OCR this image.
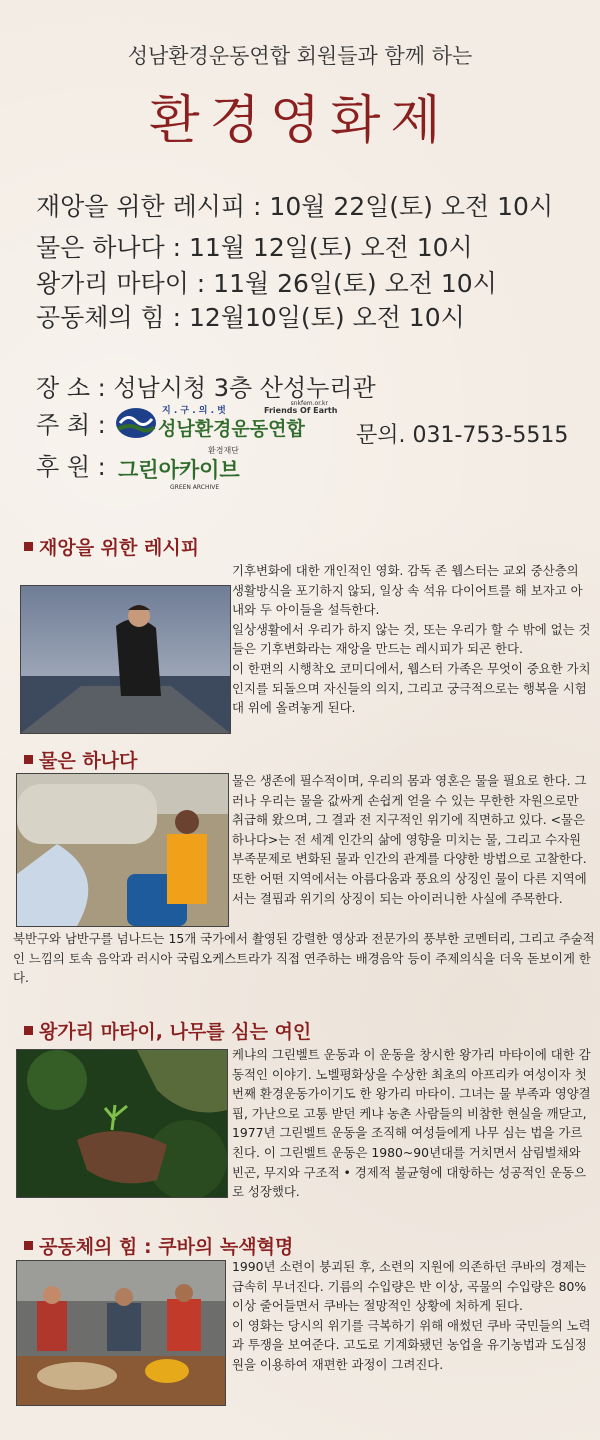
성남환경운동연합 회원들과 함께 하는
환경영화제
재앙을 위한 레시피 : 10월 22일(토) 오전 10시
물은 하나다 : 11월 12일(토) 오전 10시
왕가리 마타이 : 11월 26일(토) 오전 10시
공동체의 힘 : 12월10일(토) 오전 10시
장 소 : 성남시청 3층 산성누리관
주 최 :
후 원 :
snkfem.or.kr
지 . 구 . 의 . 벗	Friends Of Earth
성남환경운동연합
환경재단
그린아카이브
GREEN ARCHIVE
문의. 031-753-5515
재앙을 위한 레시피

기후변화에 대한 개인적인 영화. 감독 존 웹스터는 교외 중산층의 생활방식을 포기하지 않되, 일상 속 석유 다이어트를 해 보자고 아내와 두 아이들을 설득한다.

일상생활에서 우리가 하지 않는 것, 또는 우리가 할 수 밖에 없는 것들은 기후변화라는 재앙을 만드는 레시피가 되곤 한다.

이 한편의 시행착오 코미디에서, 웹스터 가족은 무엇이 중요한 가치인지를 되돌으며 자신들의 의지, 그리고 궁극적으로는 행복을 시험대 위에 올려놓게 된다.

물은 하나다

물은 생존에 필수적이며, 우리의 몸과 영혼은 물을 필요로 한다. 그러나 우리는 물을 값싸게 손쉽게 얻을 수 있는 무한한 자원으로만 취급해 왔으며, 그 결과 전 지구적인 위기에 직면하고 있다. <물은 하나다>는 전 세계 인간의 삶에 영향을 미치는 물, 그리고 수자원 부족문제로 변화된 물과 인간의 관계를 다양한 방법으로 고찰한다. 또한 어떤 지역에서는 아름다움과 풍요의 상징인 물이 다른 지역에서는 결핍과 위기의 상징이 되는 아이러니한 사실에 주목한다.

북반구와 남반구를 넘나드는 15개 국가에서 촬영된 강렬한 영상과 전문가의 풍부한 코멘터리, 그리고 주술적인 느낌의 토속 음악과 러시아 국립오케스트라가 직접 연주하는 배경음악 등이 주제의식을 더욱 돋보이게 한다.

왕가리 마타이, 나무를 심는 여인

케냐의 그린벨트 운동과 이 운동을 창시한 왕가리 마타이에 대한 감동적인 이야기. 노벨평화상을 수상한 최초의 아프리카 여성이자 첫 번째 환경운동가이기도 한 왕가리 마타이. 그녀는 물 부족과 영양결핍, 가난으로 고통 받던 케냐 농촌 사람들의 비참한 현실을 깨닫고, 1977년 그린벨트 운동을 조직해 여성들에게 나무 심는 법을 가르친다. 이 그린벨트 운동은 1980~90년대를 거치면서 삼림벌채와 빈곤, 무지와 구조적 • 경제적 불균형에 대항하는 성공적인 운동으로 성장했다.

공동체의 힘 : 쿠바의 녹색혁명

1990년 소련이 붕괴된 후, 소련의 지원에 의존하던 쿠바의 경제는 급속히 무너진다. 기름의 수입량은 반 이상, 곡물의 수입량은 80%이상 줄어들면서 쿠바는 절망적인 상황에 처하게 된다.

이 영화는 당시의 위기를 극복하기 위해 애썼던 쿠바 국민들의 노력과 투쟁을 보여준다. 고도로 기계화됐던 농업을 유기농법과 도심정원을 이용하여 재편한 과정이 그려진다.
